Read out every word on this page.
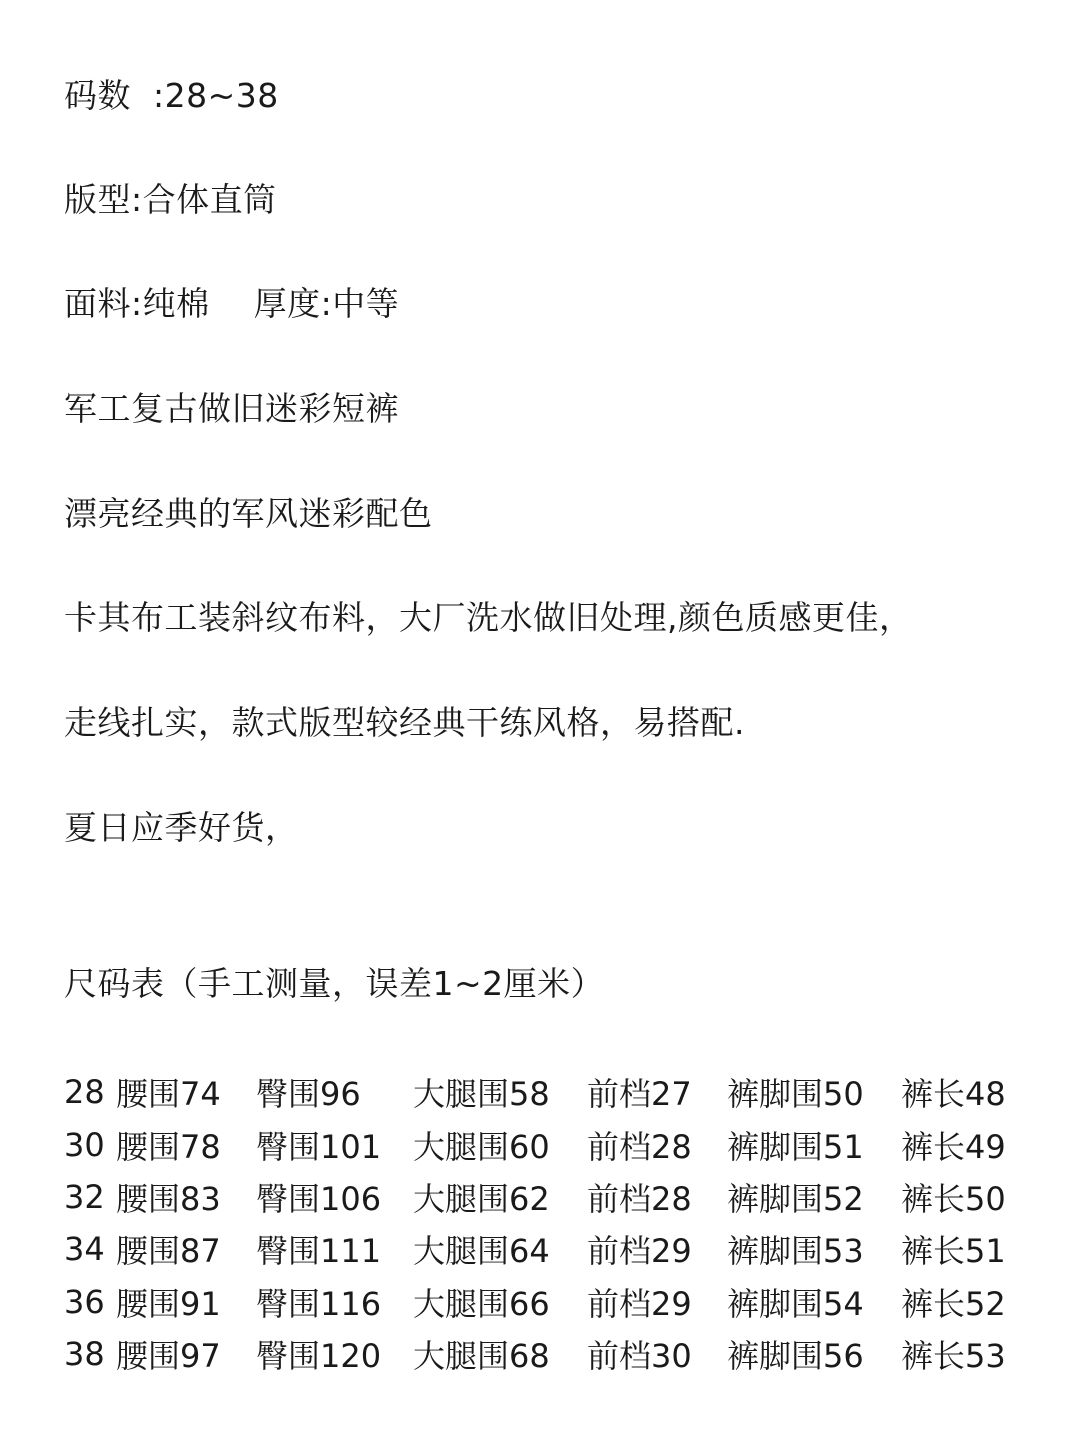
码数  :28~38
版型:合体直筒
面料:纯棉    厚度:中等
军工复古做旧迷彩短裤
漂亮经典的军风迷彩配色
卡其布工装斜纹布料，大厂洗水做旧处理,颜色质感更佳，
走线扎实，款式版型较经典干练风格，易搭配.
夏日应季好货，
尺码表（手工测量，误差1~2厘米）
28	腰围74	臀围96	大腿围58	前档27	裤脚围50	裤长48
30	腰围78	臀围101	大腿围60	前档28	裤脚围51	裤长49
32	腰围83	臀围106	大腿围62	前档28	裤脚围52	裤长50
34	腰围87	臀围111	大腿围64	前档29	裤脚围53	裤长51
36	腰围91	臀围116	大腿围66	前档29	裤脚围54	裤长52
38	腰围97	臀围120	大腿围68	前档30	裤脚围56	裤长53
